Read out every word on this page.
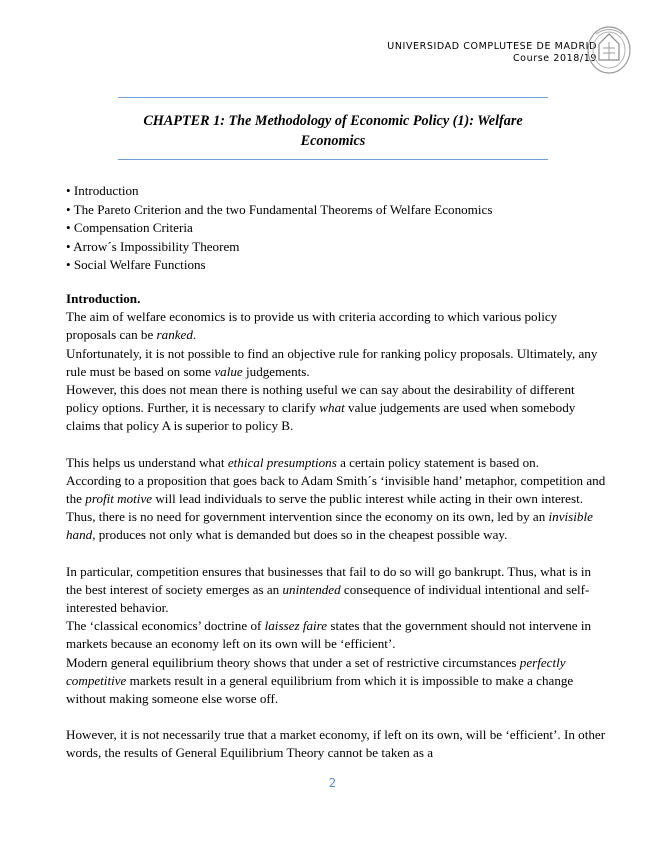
UNIVERSIDAD COMPLUTESE DE MADRID
Course 2018/19
CHAPTER 1: The Methodology of Economic Policy (1): Welfare Economics
• Introduction
• The Pareto Criterion and the two Fundamental Theorems of Welfare Economics
• Compensation Criteria
• Arrow´s Impossibility Theorem
• Social Welfare Functions

Introduction.

The aim of welfare economics is to provide us with criteria according to which various policy proposals can be ranked.

Unfortunately, it is not possible to find an objective rule for ranking policy proposals. Ultimately, any rule must be based on some value judgements.

However, this does not mean there is nothing useful we can say about the desirability of different policy options. Further, it is necessary to clarify what value judgements are used when somebody claims that policy A is superior to policy B.

This helps us understand what ethical presumptions a certain policy statement is based on.

According to a proposition that goes back to Adam Smith´s ‘invisible hand’ metaphor, competition and the profit motive will lead individuals to serve the public interest while acting in their own interest.

Thus, there is no need for government intervention since the economy on its own, led by an invisible hand, produces not only what is demanded but does so in the cheapest possible way.

In particular, competition ensures that businesses that fail to do so will go bankrupt. Thus, what is in the best interest of society emerges as an unintended consequence of individual intentional and self-interested behavior.

The ‘classical economics’ doctrine of laissez faire states that the government should not intervene in markets because an economy left on its own will be ‘efficient’.

Modern general equilibrium theory shows that under a set of restrictive circumstances perfectly competitive markets result in a general equilibrium from which it is impossible to make a change without making someone else worse off.

However, it is not necessarily true that a market economy, if left on its own, will be ‘efficient’. In other words, the results of General Equilibrium Theory cannot be taken as a

2
